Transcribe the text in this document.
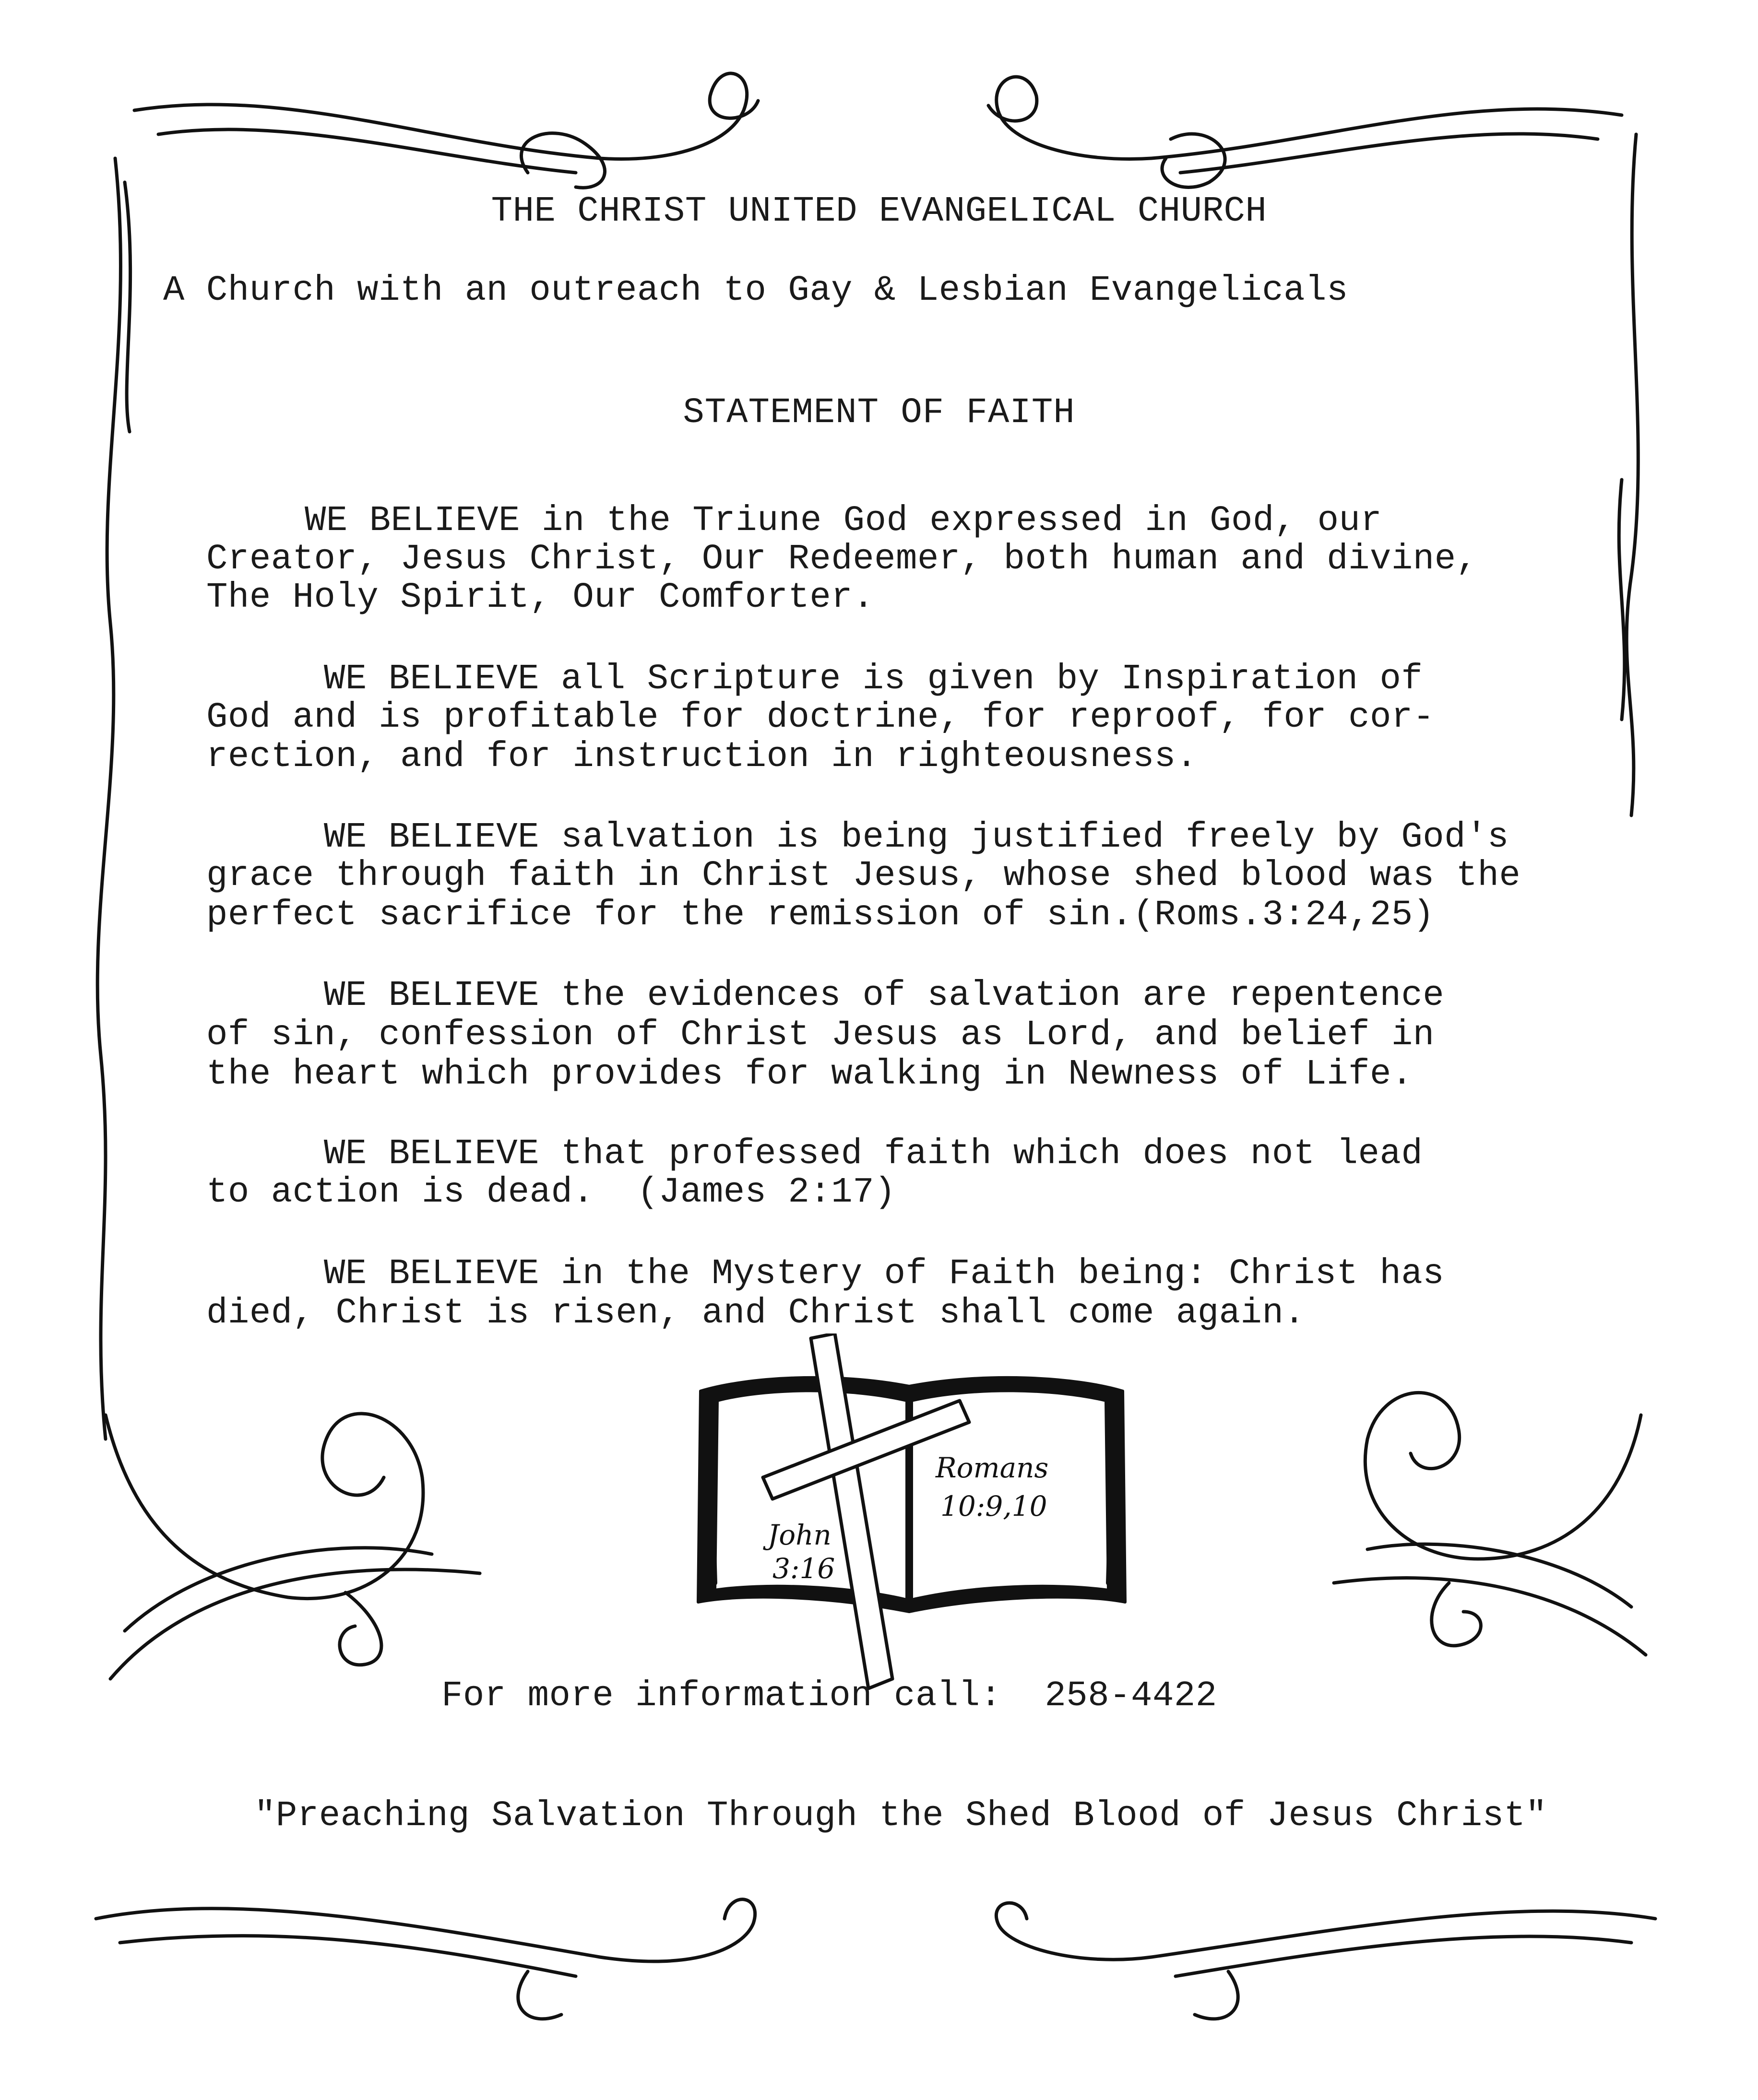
THE CHRIST UNITED EVANGELICAL CHURCH
A Church with an outreach to Gay & Lesbian Evangelicals
STATEMENT OF FAITH
WE BELIEVE in the Triune God expressed in God, our
Creator, Jesus Christ, Our Redeemer, both human and divine,
The Holy Spirit, Our Comforter.
WE BELIEVE all Scripture is given by Inspiration of
God and is profitable for doctrine, for reproof, for cor-
rection, and for instruction in righteousness.
WE BELIEVE salvation is being justified freely by God's
grace through faith in Christ Jesus, whose shed blood was the
perfect sacrifice for the remission of sin.(Roms.3:24,25)
WE BELIEVE the evidences of salvation are repentence
of sin, confession of Christ Jesus as Lord, and belief in
the heart which provides for walking in Newness of Life.
WE BELIEVE that professed faith which does not lead
to action is dead.  (James 2:17)
WE BELIEVE in the Mystery of Faith being: Christ has
died, Christ is risen, and Christ shall come again.
John
3:16
Romans
10:9,10
For more information call:  258-4422
"Preaching Salvation Through the Shed Blood of Jesus Christ"
